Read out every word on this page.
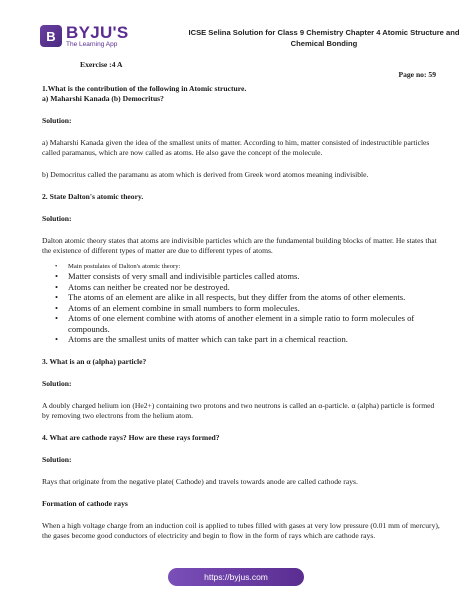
B BYJU'S
The Learning App
ICSE Selina Solution for Class 9 Chemistry Chapter 4 Atomic Structure and Chemical Bonding
Exercise :4 A
Page no: 59

1.What is the contribution of the following in Atomic structure.

a) Maharshi Kanada (b) Democritus?

Solution:

a) Maharshi Kanada given the idea of the smallest units of matter. According to him, matter consisted of indestructible particles called paramanus, which are now called as atoms. He also gave the concept of the molecule.

b) Democritus called the paramanu as atom which is derived from Greek word atomos meaning indivisible.

2. State Dalton's atomic theory.

Solution:

Dalton atomic theory states that atoms are indivisible particles which are the fundamental building blocks of matter. He states that the existence of different types of matter are due to different types of atoms.

• Main postulates of Dalton's atomic theory:
• Matter consists of very small and indivisible particles called atoms.
• Atoms can neither be created nor be destroyed.
• The atoms of an element are alike in all respects, but they differ from the atoms of other elements.
• Atoms of an element combine in small numbers to form molecules.
• Atoms of one element combine with atoms of another element in a simple ratio to form molecules of compounds.
• Atoms are the smallest units of matter which can take part in a chemical reaction.

3. What is an α (alpha) particle?

Solution:

A doubly charged helium ion (He2+) containing two protons and two neutrons is called an α-particle. α (alpha) particle is formed by removing two electrons from the helium atom.

4. What are cathode rays? How are these rays formed?

Solution:

Rays that originate from the negative plate( Cathode) and travels towards anode are called cathode rays.

Formation of cathode rays

When a high voltage charge from an induction coil is applied to tubes filled with gases at very low pressure (0.01 mm of mercury), the gases become good conductors of electricity and begin to flow in the form of rays which are cathode rays.

https://byjus.com
